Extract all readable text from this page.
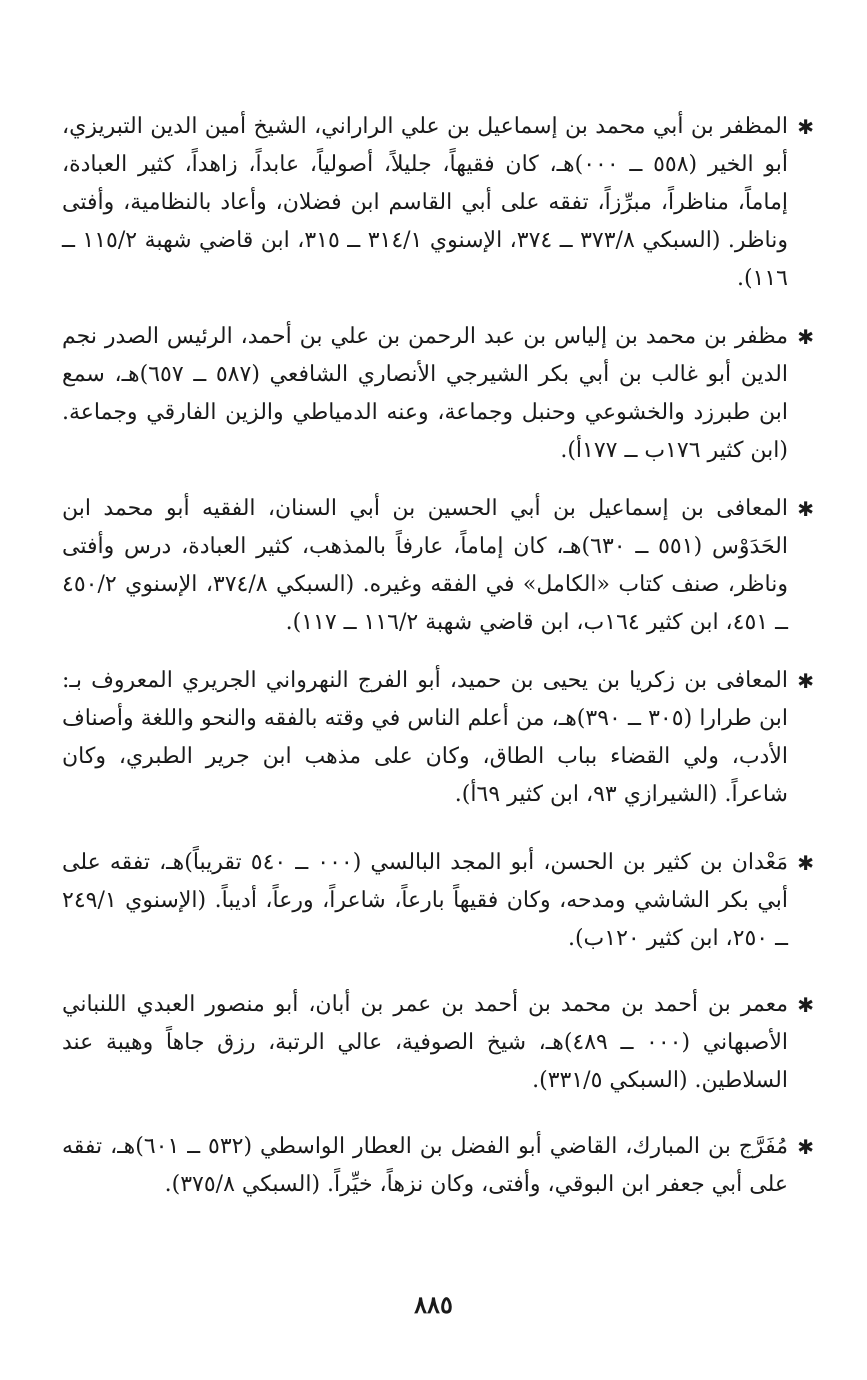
✱
المظفر بن أبي محمد بن إسماعيل بن علي الراراني، الشيخ أمين الدين التبريزي، أبو الخير (٥٥٨ ــ ٠٠٠)هـ، كان فقيهاً، جليلاً، أصولياً، عابداً، زاهداً، كثير العبادة، إماماً، مناظراً، مبرِّزاً، تفقه على أبي القاسم ابن فضلان، وأعاد بالنظامية، وأفتى وناظر. (السبكي ٣٧٣/٨ ــ ٣٧٤، الإسنوي ٣١٤/١ ــ ٣١٥، ابن قاضي شهبة ١١٥/٢ ــ ١١٦).
✱
مظفر بن محمد بن إلياس بن عبد الرحمن بن علي بن أحمد، الرئيس الصدر نجم الدين أبو غالب بن أبي بكر الشيرجي الأنصاري الشافعي (٥٨٧ ــ ٦٥٧)هـ، سمع ابن طبرزد والخشوعي وحنبل وجماعة، وعنه الدمياطي والزين الفارقي وجماعة. (ابن كثير ١٧٦ب ــ ١٧٧أ).
✱
المعافى بن إسماعيل بن أبي الحسين بن أبي السنان، الفقيه أبو محمد ابن الحَدَوْس (٥٥١ ــ ٦٣٠)هـ، كان إماماً، عارفاً بالمذهب، كثير العبادة، درس وأفتى وناظر، صنف كتاب «الكامل» في الفقه وغيره. (السبكي ٣٧٤/٨، الإسنوي ٤٥٠/٢ ــ ٤٥١، ابن كثير ١٦٤ب، ابن قاضي شهبة ١١٦/٢ ــ ١١٧).
✱
المعافى بن زكريا بن يحيى بن حميد، أبو الفرج النهرواني الجريري المعروف بـ: ابن طرارا (٣٠٥ ــ ٣٩٠)هـ، من أعلم الناس في وقته بالفقه والنحو واللغة وأصناف الأدب، ولي القضاء بباب الطاق، وكان على مذهب ابن جرير الطبري، وكان شاعراً. (الشيرازي ٩٣، ابن كثير ٦٩أ).
✱
مَعْدان بن كثير بن الحسن، أبو المجد البالسي (٠٠٠ ــ ٥٤٠ تقريباً)هـ، تفقه على أبي بكر الشاشي ومدحه، وكان فقيهاً بارعاً، شاعراً، ورعاً، أديباً. (الإسنوي ٢٤٩/١ ــ ٢٥٠، ابن كثير ١٢٠ب).
✱
معمر بن أحمد بن محمد بن أحمد بن عمر بن أبان، أبو منصور العبدي اللنباني الأصبهاني (٠٠٠ ــ ٤٨٩)هـ، شيخ الصوفية، عالي الرتبة، رزق جاهاً وهيبة عند السلاطين. (السبكي ٣٣١/٥).
✱
مُفَرَّج بن المبارك، القاضي أبو الفضل بن العطار الواسطي (٥٣٢ ــ ٦٠١)هـ، تفقه على أبي جعفر ابن البوقي، وأفتى، وكان نزهاً، خيِّراً. (السبكي ٣٧٥/٨).
٨٨٥
